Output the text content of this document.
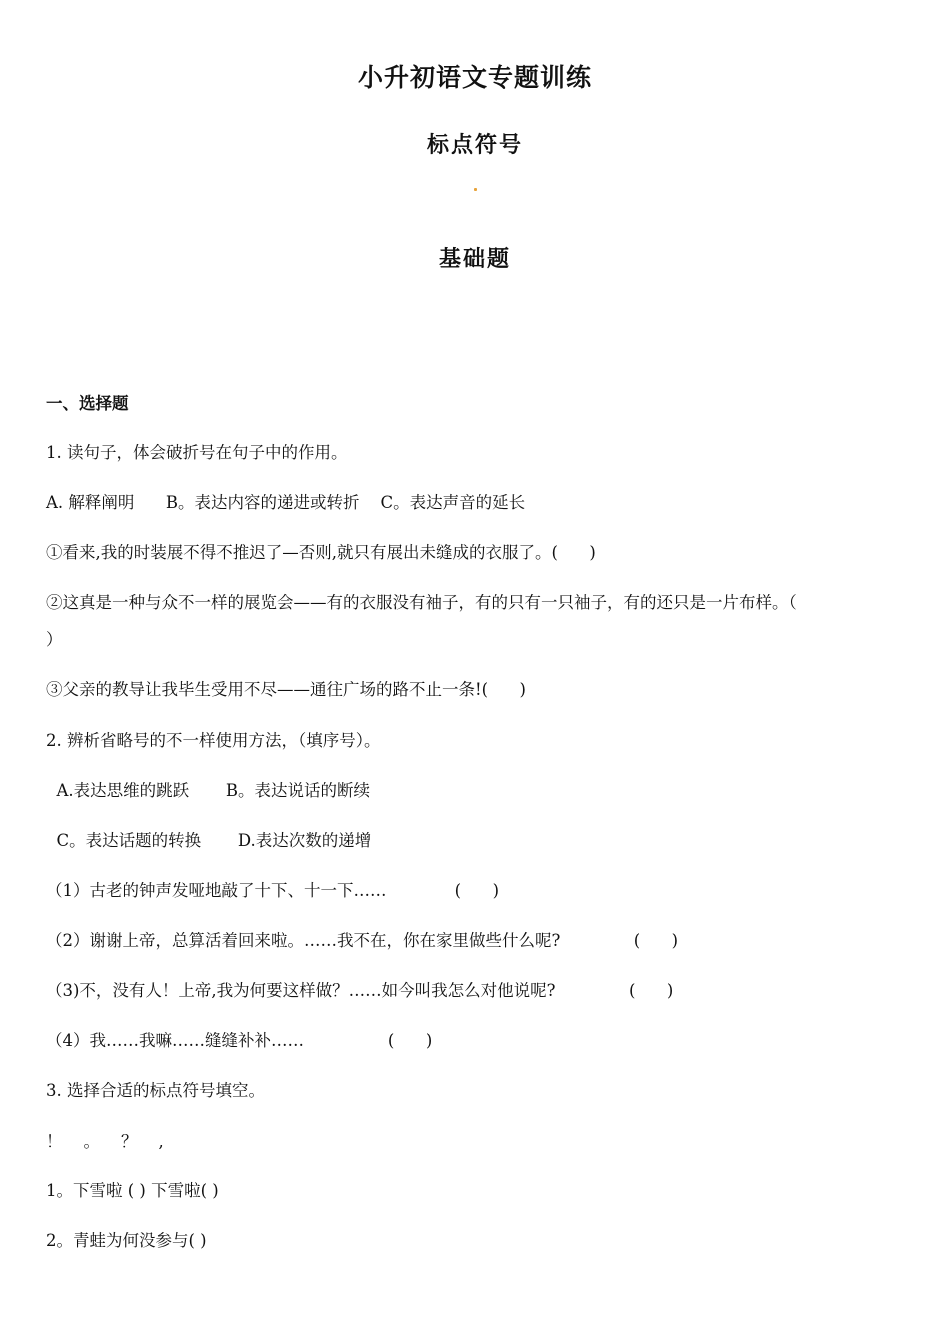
小升初语文专题训练
标点符号
基础题
一、选择题
1. 读句子，体会破折号在句子中的作用。
A. 解释阐明      B。表达内容的递进或转折    C。表达声音的延长
①看来,我的时装展不得不推迟了—否则,就只有展出未缝成的衣服了。(      )
②这真是一种与众不一样的展览会——有的衣服没有袖子，有的只有一只袖子，有的还只是一片布样。（
）
③父亲的教导让我毕生受用不尽——通往广场的路不止一条!(      )
2. 辨析省略号的不一样使用方法，（填序号）。
A.表达思维的跳跃       B。表达说话的断续
C。表达话题的转换       D.表达次数的递增
（1）古老的钟声发哑地敲了十下、十一下……             (      )
（2）谢谢上帝，总算活着回来啦。……我不在，你在家里做些什么呢?              (      )
（3)不，没有人！上帝,我为何要这样做？……如今叫我怎么对他说呢?              (      )
（4）我……我嘛……缝缝补补……                (      )
3. 选择合适的标点符号填空。
！    。    ？    ,
1。下雪啦 ( ) 下雪啦( )
2。青蛙为何没参与( )
